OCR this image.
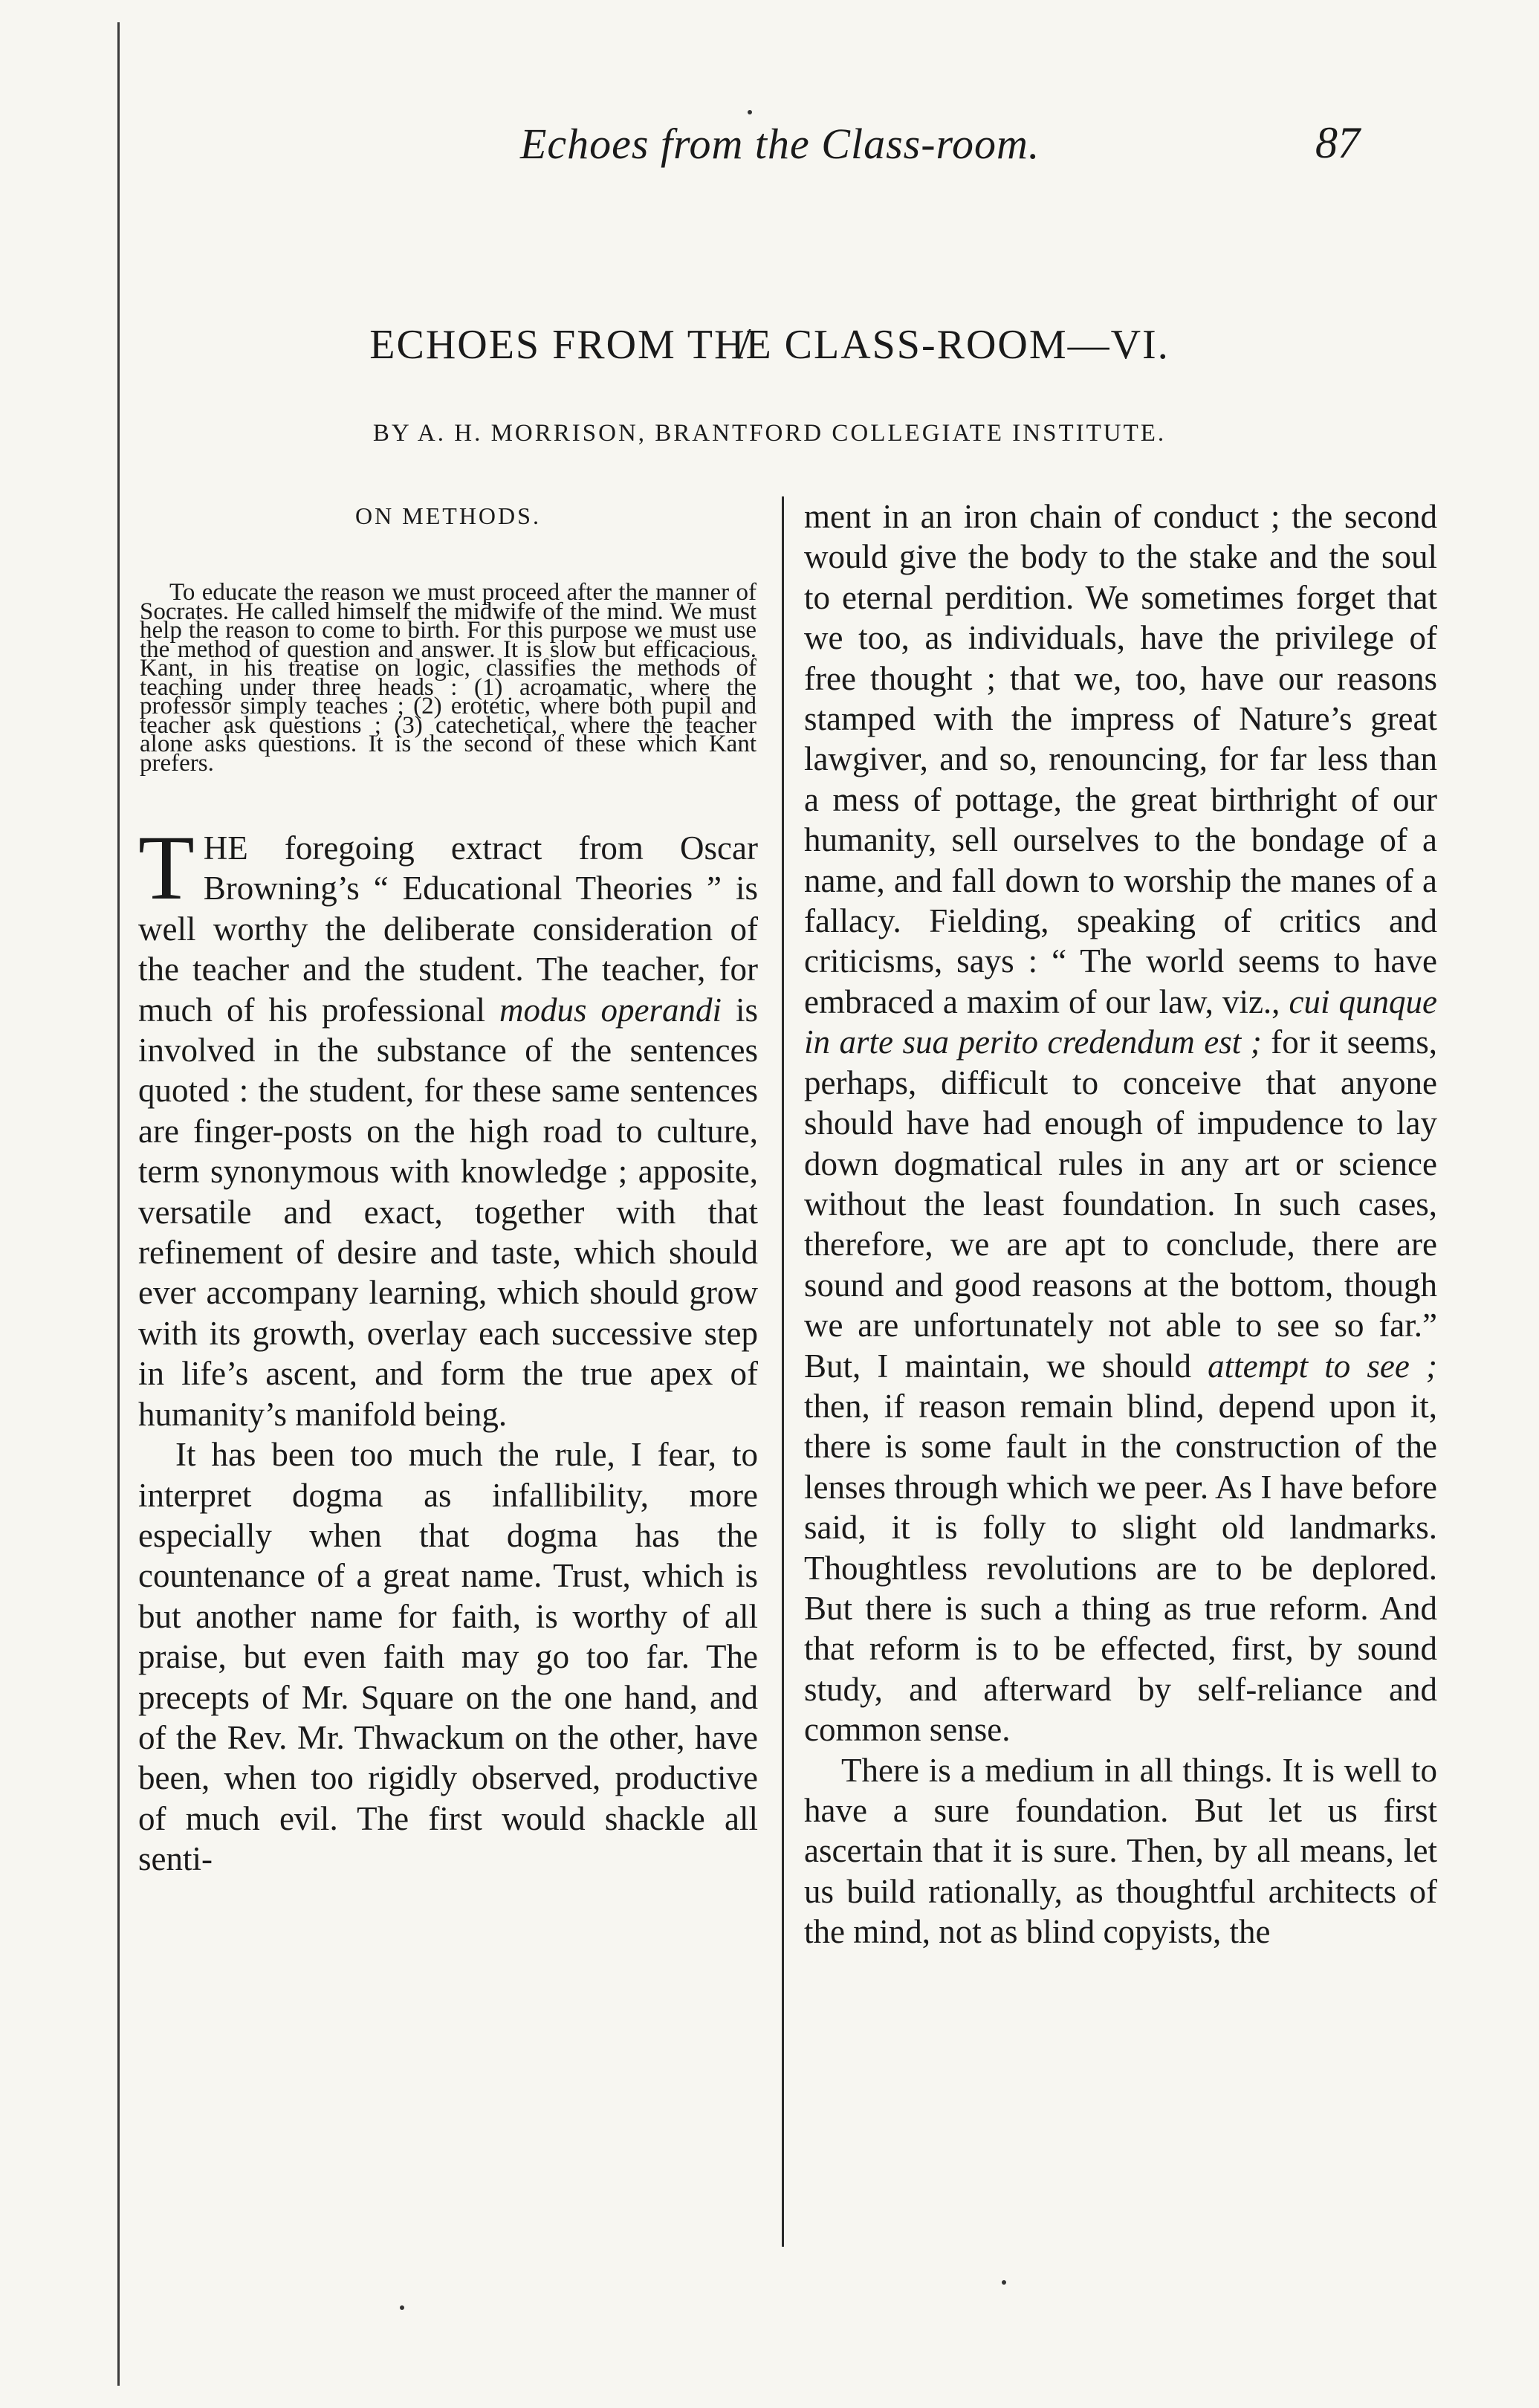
Echoes from the Class-room.	87
ECHOES FROM TH̸E CLASS-ROOM—VI.
BY A. H. MORRISON, BRANTFORD COLLEGIATE INSTITUTE.
ON METHODS.

To educate the reason we must proceed after the manner of Socrates. He called himself the midwife of the mind. We must help the reason to come to birth. For this purpose we must use the method of question and answer. It is slow but efficacious. Kant, in his treatise on logic, classifies the methods of teaching under three heads : (1) acroamatic, where the professor simply teaches ; (2) erotetic, where both pupil and teacher ask questions ; (3) catechetical, where the teacher alone asks questions. It is the second of these which Kant prefers.

THE foregoing extract from Oscar Browning’s “ Educational Theories ” is well worthy the deliberate consideration of the teacher and the student. The teacher, for much of his professional modus operandi is involved in the substance of the sentences quoted : the student, for these same sentences are finger-posts on the high road to culture, term synonymous with knowledge ; apposite, versatile and exact, together with that refinement of desire and taste, which should ever accompany learning, which should grow with its growth, overlay each successive step in life’s ascent, and form the true apex of humanity’s manifold being.

It has been too much the rule, I fear, to interpret dogma as infallibility, more especially when that dogma has the countenance of a great name. Trust, which is but another name for faith, is worthy of all praise, but even faith may go too far. The precepts of Mr. Square on the one hand, and of the Rev. Mr. Thwackum on the other, have been, when too rigidly observed, productive of much evil. The first would shackle all senti-

ment in an iron chain of conduct ; the second would give the body to the stake and the soul to eternal perdition. We sometimes forget that we too, as individuals, have the privilege of free thought ; that we, too, have our reasons stamped with the impress of Nature’s great lawgiver, and so, renouncing, for far less than a mess of pottage, the great birthright of our humanity, sell ourselves to the bondage of a name, and fall down to worship the manes of a fallacy. Fielding, speaking of critics and criticisms, says : “ The world seems to have embraced a maxim of our law, viz., cui qunque in arte sua perito credendum est ; for it seems, perhaps, difficult to conceive that anyone should have had enough of impudence to lay down dogmatical rules in any art or science without the least foundation. In such cases, therefore, we are apt to conclude, there are sound and good reasons at the bottom, though we are unfortunately not able to see so far.” But, I maintain, we should attempt to see ; then, if reason remain blind, depend upon it, there is some fault in the construction of the lenses through which we peer. As I have before said, it is folly to slight old landmarks. Thoughtless revolutions are to be deplored. But there is such a thing as true reform. And that reform is to be effected, first, by sound study, and afterward by self-reliance and common sense.

There is a medium in all things. It is well to have a sure foundation. But let us first ascertain that it is sure. Then, by all means, let us build rationally, as thoughtful architects of the mind, not as blind copyists, the
